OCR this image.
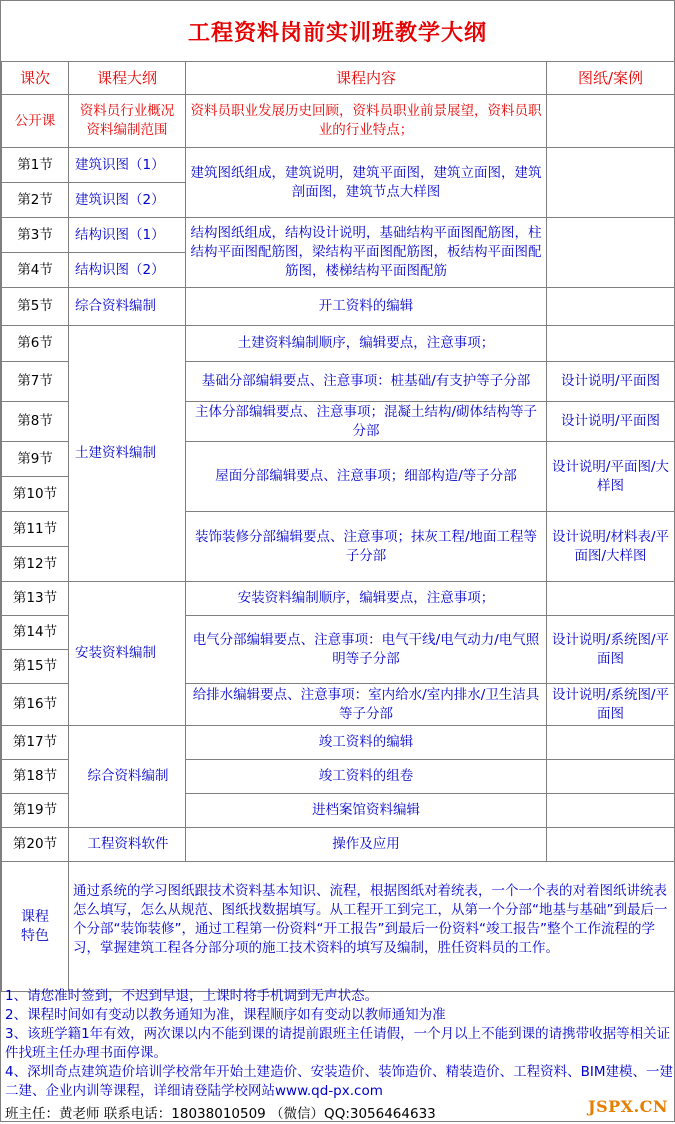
工程资料岗前实训班教学大纲
课次	课程大纲	课程内容	图纸/案例
公开课	资料员行业概况 资料编制范围	资料员职业发展历史回顾，资料员职业前景展望，资料员职业的行业特点；	
第1节	建筑识图（1）	建筑图纸组成，建筑说明，建筑平面图，建筑立面图，建筑剖面图，建筑节点大样图	
第2节	建筑识图（2）		
第3节	结构识图（1）	结构图纸组成，结构设计说明，基础结构平面图配筋图，柱结构平面图配筋图，梁结构平面图配筋图，板结构平面图配筋图，楼梯结构平面图配筋	
第4节	结构识图（2）		
第5节	综合资料编制	开工资料的编辑	
第6节	土建资料编制	土建资料编制顺序，编辑要点，注意事项；	
第7节		基础分部编辑要点、注意事项：桩基础/有支护等子分部	设计说明/平面图
第8节		主体分部编辑要点、注意事项；混凝土结构/砌体结构等子分部	设计说明/平面图
第9节		屋面分部编辑要点、注意事项；细部构造/等子分部	设计说明/平面图/大样图
第10节			
第11节		装饰装修分部编辑要点、注意事项；抹灰工程/地面工程等子分部	设计说明/材料表/平面图/大样图
第12节			
第13节	安装资料编制	安装资料编制顺序，编辑要点，注意事项；	
第14节		电气分部编辑要点、注意事项：电气干线/电气动力/电气照明等子分部	设计说明/系统图/平面图
第15节			
第16节		给排水编辑要点、注意事项：室内给水/室内排水/卫生洁具等子分部	设计说明/系统图/平面图
第17节	综合资料编制	竣工资料的编辑	
第18节		竣工资料的组卷	
第19节		进档案馆资料编辑	
第20节	工程资料软件	操作及应用	

课程特色	通过系统的学习图纸跟技术资料基本知识、流程，根据图纸对着统表，一个一个表的对着图纸讲统表怎么填写，怎么从规范、图纸找数据填写。从工程开工到完工，从第一个分部“地基与基础”到最后一个分部“装饰装修”，通过工程第一份资料“开工报告”到最后一份资料“竣工报告”整个工作流程的学习，掌握建筑工程各分部分项的施工技术资料的填写及编制，胜任资料员的工作。		
1、请您准时签到，不迟到早退，上课时将手机调到无声状态。
2、课程时间如有变动以教务通知为准，课程顺序如有变动以教师通知为准
3、该班学籍1年有效，两次课以内不能到课的请提前跟班主任请假，一个月以上不能到课的请携带收据等相关证件找班主任办理书面停课。
4、深圳奇点建筑造价培训学校常年开始土建造价、安装造价、装饰造价、精装造价、工程资料、BIM建模、一建二建、企业内训等课程，详细请登陆学校网站www.qd-px.com
班主任：黄老师 联系电话：18038010509 （微信）QQ:3056464633	JSPX.CN
